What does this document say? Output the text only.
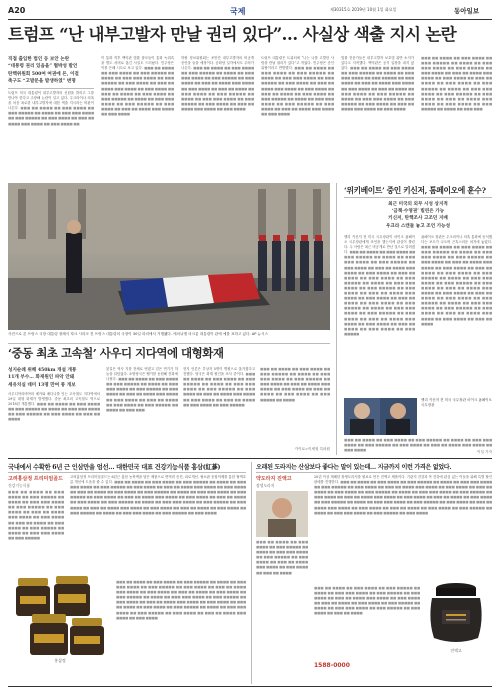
A20	국제	제30315호 2019년 10월 1일 화요일	동아일보
트럼프 “난 내부고발자 만날 권리 있다”… 사실상 색출 지시 논란
직접 출입한 법인 등 보안 논란
“대통령 권리 있음을” 협박성 발언
탄핵위원회 500여 여권에 돈, 이걸
축구도 “고발문을 발생하였” 변명
트럼프 미국 대통령이 내부고발자의 신원을 밝히고 그를 만나야 한다고 주장해 논란이 일고 있다. 우크라이나 의혹을 처음 폭로한 내부고발자에 대한 색출 지시라는 비판이 나온다. ■■■ ■■ ■■■■ ■■ ■■■ ■■■■ ■■ ■■■ ■■■■■ ■■ ■■■■ ■■ ■■■ ■■■ ■■■■ ■■ ■■■ ■■■■■ ■■ ■■■ ■■■■ ■■ ■■■ ■■ ■■■■ ■■■ ■■■■ ■■ ■■■ ■■■■ ■■
이 통화 직후 백악관 법률 참모들이 통화 녹취록을 별도 서버로 옮긴 사실도 드러났다. 민주당은 이를 은폐 시도로 보고 있다. ■■■ ■■ ■■■■ ■■ ■■■ ■■■■ ■■ ■■■ ■■■■■ ■■ ■■■■ ■■ ■■■ ■■■ ■■■■ ■■ ■■■ ■■■■■ ■■ ■■■ ■■■■ ■■ ■■■ ■■ ■■■■ ■■■ ■■■■ ■■ ■■■ ■■■■ ■■ ■■■ ■■ ■■■■ ■■ ■■■ ■■■■ ■■ ■■■ ■■■■■ ■■ ■■■■ ■■ ■■■ ■■■ ■■■■ ■■ ■■■ ■■■■■ ■■ ■■■ ■■■■ ■■ ■■■ ■■ ■■■■ ■■■ ■■■■ ■■ ■■■ ■■■■
하원 정보위원회는 조만간 내부고발자의 비공개 증언을 들을 예정이다. 공화당 일각에서도 우려가 나온다. ■■■ ■■ ■■■■ ■■ ■■■ ■■■■ ■■ ■■■ ■■■■■ ■■ ■■■■ ■■ ■■■ ■■■ ■■■■ ■■ ■■■ ■■■■■ ■■ ■■■ ■■■■ ■■ ■■■ ■■ ■■■■ ■■■ ■■■■ ■■ ■■■ ■■■■ ■■ ■■■ ■■ ■■■■ ■■ ■■■ ■■■■ ■■ ■■■ ■■■■■ ■■ ■■■■ ■■ ■■■ ■■■ ■■■■ ■■ ■■■ ■■■■■ ■■ ■■■ ■■■■ ■■ ■■■ ■■ ■■■■ ■■■ ■■■■ ■■ ■■■ ■■■■
트럼프 대통령은 트위터에 “나는 나를 고발한 사람을 만날 권리가 있다”고 적었다. 민주당은 증인 위협이라고 반발했다. ■■■ ■■ ■■■■ ■■ ■■■ ■■■■ ■■ ■■■ ■■■■■ ■■ ■■■■ ■■ ■■■ ■■■ ■■■■ ■■ ■■■ ■■■■■ ■■ ■■■ ■■■■ ■■ ■■■ ■■ ■■■■ ■■■ ■■■■ ■■ ■■■ ■■■■ ■■ ■■■ ■■ ■■■■ ■■ ■■■ ■■■■ ■■ ■■■ ■■■■■ ■■ ■■■■ ■■ ■■■ ■■■ ■■■■ ■■ ■■■ ■■■■■ ■■ ■■■ ■■■■ ■■ ■■■ ■■ ■■■■ ■■■ ■■■■ ■■ ■■■ ■■■■
법률 전문가들은 내부고발자 보호법 위반 소지가 있다고 지적했다. 백악관은 공식 입장을 내지 않았다. ■■■ ■■ ■■■■ ■■ ■■■ ■■■■ ■■ ■■■ ■■■■■ ■■ ■■■■ ■■ ■■■ ■■■ ■■■■ ■■ ■■■ ■■■■■ ■■ ■■■ ■■■■ ■■ ■■■ ■■ ■■■■ ■■■ ■■■■ ■■ ■■■ ■■■■ ■■ ■■■ ■■ ■■■■ ■■ ■■■ ■■■■ ■■ ■■■ ■■■■■ ■■ ■■■■ ■■ ■■■ ■■■ ■■■■ ■■ ■■■ ■■■■■ ■■ ■■■ ■■■■ ■■ ■■■ ■■ ■■■■ ■■■ ■■■■ ■■ ■■■ ■■■■
■■■ ■■ ■■■■ ■■ ■■■ ■■■■ ■■ ■■■ ■■■■■ ■■ ■■■■ ■■ ■■■ ■■■ ■■■■ ■■ ■■■ ■■■■■ ■■ ■■■ ■■■■ ■■ ■■■ ■■ ■■■■ ■■■ ■■■■ ■■ ■■■ ■■■■ ■■ ■■■ ■■ ■■■■ ■■ ■■■ ■■■■ ■■ ■■■ ■■■■■ ■■ ■■■■ ■■ ■■■ ■■■ ■■■■ ■■ ■■■ ■■■■■ ■■ ■■■ ■■■■ ■■ ■■■ ■■ ■■■■ ■■■ ■■■■ ■■ ■■■ ■■■■ ■■ ■■■ ■■■■■ ■■ ■■■■ ■■ ■■■ ■■■
사진으로 본 프랑스 국장 대통령 장례식 쟈크 시라크 전 프랑스 대통령의 국장이 30일 파리에서 거행됐다. 에마뉘엘 마크롱 대통령이 관에 예를 표하고 있다. AP 뉴시스
‘중동 최초 고속철’ 사우디 지다역에 대형화재
성지순례 위해 450km 개설 개통
11개 부수… 화재원인 파악 안돼
세유치실 데미 13명 만여 통 개보
사우디아라비아의 메카와 메디나를 잇는 고속철도 지다역에서 29일 대형 화재가 발생했다. 중동 최초의 고속철도 역으로 2018년 개통했다. ■■■ ■■ ■■■■ ■■ ■■■ ■■■■ ■■ ■■■ ■■■■■ ■■ ■■■■ ■■ ■■■ ■■■ ■■■■ ■■ ■■■ ■■■■■ ■■ ■■■ ■■■■ ■■ ■■■ ■■ ■■■■
불길은 역사 지붕 전체로 번졌고 검은 연기가 하늘을 뒤덮었다. 소방당국은 헬기를 동원해 진화에 나섰다. ■■■ ■■ ■■■■ ■■ ■■■ ■■■■ ■■ ■■■ ■■■■■ ■■ ■■■■ ■■ ■■■ ■■■ ■■■■ ■■ ■■■ ■■■■■ ■■ ■■■ ■■■■ ■■ ■■■ ■■ ■■■■ ■■■ ■■■■ ■■ ■■■ ■■■■ ■■ ■■■ ■■ ■■■■ ■■ ■■■ ■■■■ ■■ ■■■ ■■■■■ ■■ ■■■■ ■■ ■■■ ■■■
현지 언론은 부상자 5명이 병원으로 옮겨졌다고 전했다. 당국은 화재 원인을 조사 중이다. ■■■ ■■ ■■■■ ■■ ■■■ ■■■■ ■■ ■■■ ■■■■■ ■■ ■■■■ ■■ ■■■ ■■■ ■■■■ ■■ ■■■ ■■■■■ ■■ ■■■ ■■■■ ■■ ■■■ ■■ ■■■■ ■■■ ■■■■ ■■ ■■■ ■■■■ ■■ ■■■ ■■ ■■■■ ■■ ■■■ ■■■■ ■■ ■■■ ■■■■■
■■■ ■■ ■■■■ ■■ ■■■ ■■■■ ■■ ■■■ ■■■■■ ■■ ■■■■ ■■ ■■■ ■■■ ■■■■ ■■ ■■■ ■■■■■ ■■ ■■■ ■■■■ ■■ ■■■ ■■ ■■■■ ■■■ ■■■■ ■■ ■■■ ■■■■ ■■ ■■■ ■■ ■■■■ ■■ ■■■ ■■■■ ■■ ■■■ ■■■■■ ■■ ■■■■
카이로=이세형 특파원
‘위키베이트’ 중인 키신저, 톰페이오에 훈수?
최근 미국의 외무 시성 상지적
‘금책·수영권’ 빌린은 가능
키신저, 탄핵조사 고조던 지배
우크라 스캔들 놓고 조언 가능성
헨리 키신저 전 미국 국무장관이 마이크 폼페이오 국무장관에게 조언을 했는지에 관심이 쏠린다. 두 사람은 최근 비공개로 만난 것으로 알려졌다. ■■■ ■■ ■■■■ ■■ ■■■ ■■■■ ■■ ■■■ ■■■■■ ■■ ■■■■ ■■ ■■■ ■■■ ■■■■ ■■ ■■■ ■■■■■ ■■ ■■■ ■■■■ ■■ ■■■ ■■ ■■■■ ■■■ ■■■■ ■■ ■■■ ■■■■ ■■ ■■■ ■■ ■■■■ ■■ ■■■ ■■■■ ■■ ■■■ ■■■■■ ■■ ■■■■ ■■ ■■■ ■■■ ■■■■ ■■ ■■■ ■■■■■ ■■ ■■■ ■■■■ ■■ ■■■ ■■ ■■■■ ■■■ ■■■■ ■■ ■■■ ■■■■ ■■ ■■■ ■■ ■■■■ ■■ ■■■ ■■■■ ■■ ■■■ ■■■■■ ■■ ■■■■ ■■ ■■■ ■■■ ■■■■ ■■ ■■■ ■■■■■ ■■ ■■■ ■■■■ ■■ ■■■ ■■ ■■■■ ■■■ ■■■■ ■■ ■■■ ■■■■ ■■ ■■■ ■■ ■■■■ ■■ ■■■ ■■■■ ■■ ■■■ ■■■■■
폼페이오 장관은 우크라이나 의혹 통화에 동석했다는 보도가 나오며 곤혹스러운 처지에 놓였다. ■■■ ■■ ■■■■ ■■ ■■■ ■■■■ ■■ ■■■ ■■■■■ ■■ ■■■■ ■■ ■■■ ■■■ ■■■■ ■■ ■■■ ■■■■■ ■■ ■■■ ■■■■ ■■ ■■■ ■■ ■■■■ ■■■ ■■■■ ■■ ■■■ ■■■■ ■■ ■■■ ■■ ■■■■ ■■ ■■■ ■■■■ ■■ ■■■ ■■■■■ ■■ ■■■■ ■■ ■■■ ■■■ ■■■■ ■■ ■■■ ■■■■■ ■■ ■■■ ■■■■ ■■ ■■■ ■■ ■■■■ ■■■ ■■■■ ■■ ■■■ ■■■■ ■■ ■■■ ■■ ■■■■ ■■ ■■■ ■■■■ ■■ ■■■ ■■■■■ ■■ ■■■■ ■■ ■■■ ■■■ ■■■■ ■■ ■■■ ■■■■■ ■■ ■■■ ■■■■ ■■ ■■■ ■■ ■■■■ ■■■ ■■■■ ■■ ■■■ ■■■■ ■■ ■■■ ■■ ■■■■
헨리 키신저 전 미국 국무장관 마이크 폼페이오 국무장관
■■■ ■■ ■■■■ ■■ ■■■ ■■■■ ■■ ■■■ ■■■■■ ■■ ■■■■ ■■ ■■■ ■■■ ■■■■ ■■ ■■■ ■■■■■ ■■ ■■■ ■■■■ ■■ ■■■ ■■ ■■■■ ■■■ ■■■■ ■■ ■■■ ■■■■	이설 기자

국내에서 수확한 6년 근 인삼만을 엄선… 대한민국 대표 건강기능식품 홍삼(紅蔘)
고려홍삼정 프리미엄골드
건강기능식품
■■■ ■■ ■■■■ ■■ ■■■ ■■■■ ■■ ■■■ ■■■■■ ■■ ■■■■ ■■ ■■■ ■■■ ■■■■ ■■ ■■■ ■■■■■ ■■ ■■■ ■■■■ ■■ ■■■ ■■ ■■■■ ■■■ ■■■■ ■■ ■■■ ■■■■ ■■ ■■■ ■■ ■■■■ ■■ ■■■ ■■■■ ■■ ■■■ ■■■■■ ■■ ■■■■ ■■ ■■■ ■■■ ■■■■ ■■ ■■■ ■■■■■
고려홍삼정 프리미엄골드는 6년근 홍삼 농축액을 담은 제품으로 면역력 증진, 피로개선, 혈소판 응집억제를 통한 혈액흐름 개선에 도움을 줄 수 있다. ■■■ ■■ ■■■■ ■■ ■■■ ■■■■ ■■ ■■■ ■■■■■ ■■ ■■■■ ■■ ■■■ ■■■ ■■■■ ■■ ■■■ ■■■■■ ■■ ■■■ ■■■■ ■■ ■■■ ■■ ■■■■ ■■■ ■■■■ ■■ ■■■ ■■■■ ■■ ■■■ ■■ ■■■■ ■■ ■■■ ■■■■ ■■ ■■■ ■■■■■ ■■ ■■■■ ■■ ■■■ ■■■ ■■■■ ■■ ■■■ ■■■■■ ■■ ■■■ ■■■■ ■■ ■■■ ■■ ■■■■ ■■■ ■■■■ ■■ ■■■ ■■■■ ■■ ■■■ ■■ ■■■■ ■■ ■■■ ■■■■ ■■ ■■■ ■■■■■ ■■ ■■■■ ■■ ■■■ ■■■ ■■■■ ■■ ■■■ ■■■■■ ■■ ■■■ ■■■■ ■■ ■■■ ■■ ■■■■ ■■■ ■■■■ ■■ ■■■ ■■■■ ■■ ■■■ ■■ ■■■■ ■■ ■■■ ■■■■ ■■ ■■■ ■■■■■ ■■ ■■■■ ■■ ■■■ ■■■ ■■■■ ■■ ■■■ ■■■■■ ■■ ■■■ ■■■■
홍삼정
■■■ ■■ ■■■■ ■■ ■■■ ■■■■ ■■ ■■■ ■■■■■ ■■ ■■■■ ■■ ■■■ ■■■ ■■■■ ■■ ■■■ ■■■■■ ■■ ■■■ ■■■■ ■■ ■■■ ■■ ■■■■ ■■■ ■■■■ ■■ ■■■ ■■■■ ■■ ■■■ ■■ ■■■■ ■■ ■■■ ■■■■ ■■ ■■■ ■■■■■ ■■ ■■■■ ■■ ■■■ ■■■ ■■■■ ■■ ■■■ ■■■■■ ■■ ■■■ ■■■■ ■■ ■■■ ■■ ■■■■ ■■■ ■■■■ ■■ ■■■ ■■■■ ■■ ■■■ ■■ ■■■■ ■■ ■■■ ■■■■ ■■ ■■■ ■■■■■ ■■ ■■■■ ■■ ■■■ ■■■ ■■■■ ■■ ■■■ ■■■■■ ■■ ■■■ ■■■■ ■■ ■■■ ■■ ■■■■ ■■■ ■■■■ ■■ ■■■ ■■■■
오래된 도라지는 산삼보다 좋다는 말이 있는데… 지금까지 이런 가격은 없었다.
약도라지 진액고
장생도라지
■■■ ■■ ■■■■ ■■ ■■■ ■■■■ ■■ ■■■ ■■■■■ ■■ ■■■■ ■■ ■■■ ■■■ ■■■■ ■■ ■■■ ■■■■■ ■■ ■■■ ■■■■ ■■ ■■■ ■■ ■■■■ ■■■ ■■■■ ■■ ■■■ ■■■■ ■■ ■■■ ■■ ■■■■
20년 이상 재배한 장생도라지를 원료로 만든 진액고 제품이다. 기관지 건강과 목 건강에 관심 있는 이들을 위해 특별 할인 판매를 진행한다. ■■■ ■■ ■■■■ ■■ ■■■ ■■■■ ■■ ■■■ ■■■■■ ■■ ■■■■ ■■ ■■■ ■■■ ■■■■ ■■ ■■■ ■■■■■ ■■ ■■■ ■■■■ ■■ ■■■ ■■ ■■■■ ■■■ ■■■■ ■■ ■■■ ■■■■ ■■ ■■■ ■■ ■■■■ ■■ ■■■ ■■■■ ■■ ■■■ ■■■■■ ■■ ■■■■ ■■ ■■■ ■■■ ■■■■ ■■ ■■■ ■■■■■ ■■ ■■■ ■■■■ ■■ ■■■ ■■ ■■■■ ■■■ ■■■■ ■■ ■■■ ■■■■ ■■ ■■■ ■■ ■■■■ ■■ ■■■ ■■■■ ■■ ■■■ ■■■■■ ■■ ■■■■ ■■ ■■■ ■■■ ■■■■ ■■ ■■■ ■■■■■ ■■ ■■■ ■■■■ ■■ ■■■ ■■ ■■■■ ■■■ ■■■■ ■■ ■■■ ■■■■ ■■ ■■■ ■■ ■■■■ ■■ ■■■ ■■■■ ■■ ■■■ ■■■■■ ■■ ■■■■ ■■ ■■■ ■■■ ■■■■ ■■ ■■■ ■■■■■ ■■ ■■■ ■■■■
진액고
■■■ ■■ ■■■■ ■■ ■■■ ■■■■ ■■ ■■■ ■■■■■ ■■ ■■■■ ■■ ■■■ ■■■ ■■■■ ■■ ■■■ ■■■■■ ■■ ■■■ ■■■■ ■■ ■■■ ■■ ■■■■ ■■■ ■■■■ ■■ ■■■ ■■■■ ■■ ■■■ ■■ ■■■■ ■■ ■■■ ■■■■ ■■ ■■■ ■■■■■ ■■ ■■■■ ■■ ■■■ ■■■ ■■■■ ■■ ■■■ ■■■■■ ■■ ■■■ ■■■■ ■■ ■■■ ■■ ■■■■
1588-0000
